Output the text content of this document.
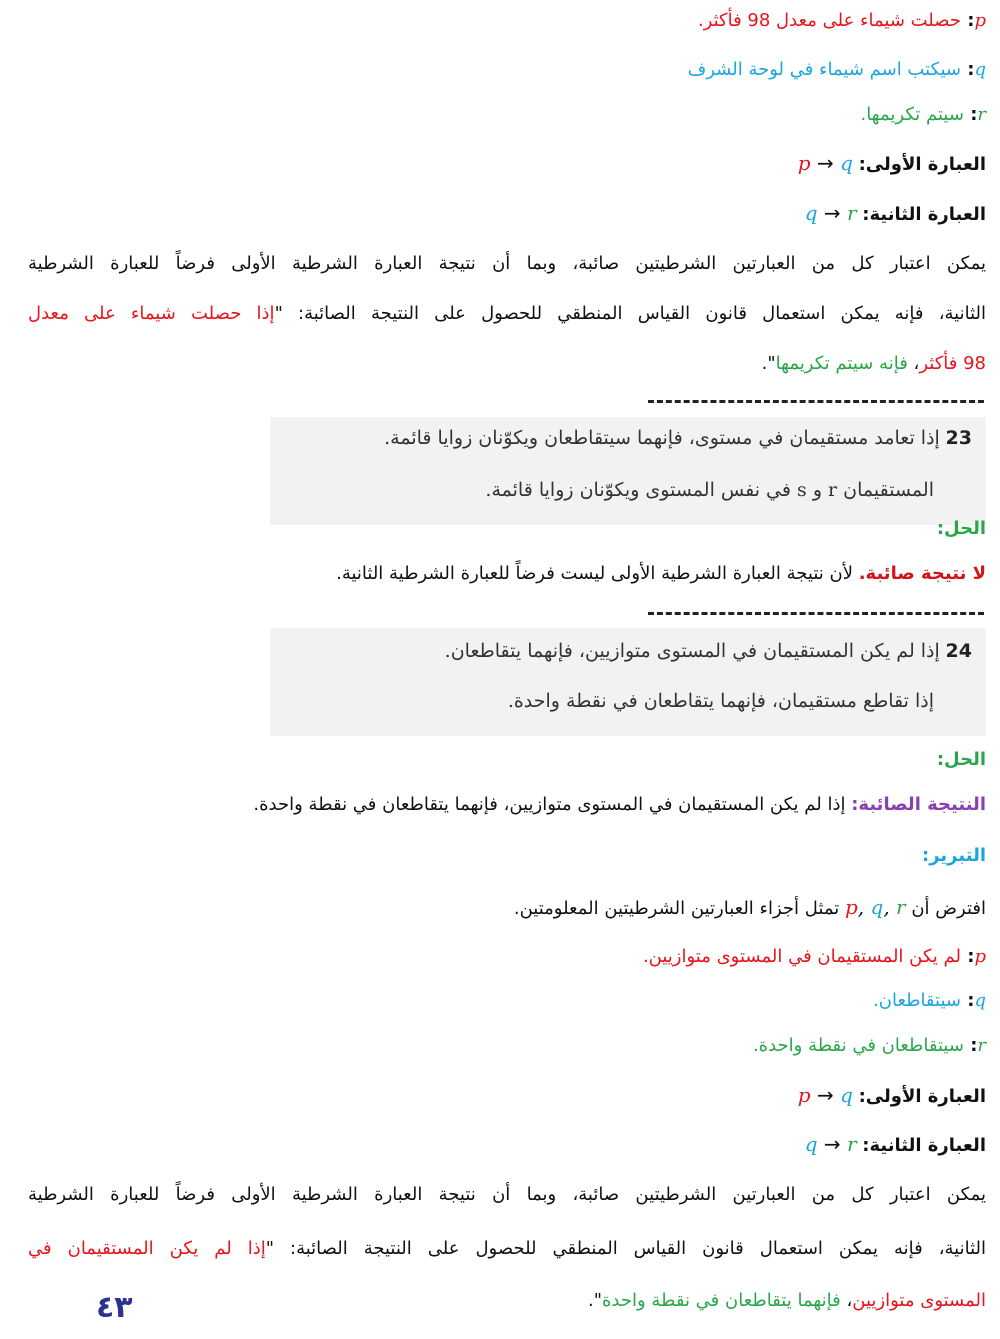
p: حصلت شيماء على معدل 98 فأكثر.
q: سيكتب اسم شيماء في لوحة الشرف
r: سيتم تكريمها.
العبارة الأولى: p → q
العبارة الثانية: q → r
يمكن اعتبار كل من العبارتين الشرطيتين صائبة، وبما أن نتيجة العبارة الشرطية الأولى فرضاً للعبارة الشرطية
الثانية، فإنه يمكن استعمال قانون القياس المنطقي للحصول على النتيجة الصائبة: "إذا حصلت شيماء على معدل
98 فأكثر، فإنه سيتم تكريمها".
23 إذا تعامد مستقيمان في مستوى، فإنهما سيتقاطعان ويكوّنان زوايا قائمة.
المستقيمان r و s في نفس المستوى ويكوّنان زوايا قائمة.
الحل:
لا نتيجة صائبة. لأن نتيجة العبارة الشرطية الأولى ليست فرضاً للعبارة الشرطية الثانية.
24 إذا لم يكن المستقيمان في المستوى متوازيين، فإنهما يتقاطعان.
إذا تقاطع مستقيمان، فإنهما يتقاطعان في نقطة واحدة.
الحل:
النتيجة الصائبة: إذا لم يكن المستقيمان في المستوى متوازيين، فإنهما يتقاطعان في نقطة واحدة.
التبرير:
افترض أن p, q, r تمثل أجزاء العبارتين الشرطيتين المعلومتين.
p: لم يكن المستقيمان في المستوى متوازيين.
q: سيتقاطعان.
r: سيتقاطعان في نقطة واحدة.
العبارة الأولى: p → q
العبارة الثانية: q → r
يمكن اعتبار كل من العبارتين الشرطيتين صائبة، وبما أن نتيجة العبارة الشرطية الأولى فرضاً للعبارة الشرطية
الثانية، فإنه يمكن استعمال قانون القياس المنطقي للحصول على النتيجة الصائبة: "إذا لم يكن المستقيمان في
المستوى متوازيين، فإنهما يتقاطعان في نقطة واحدة".
٤٣
